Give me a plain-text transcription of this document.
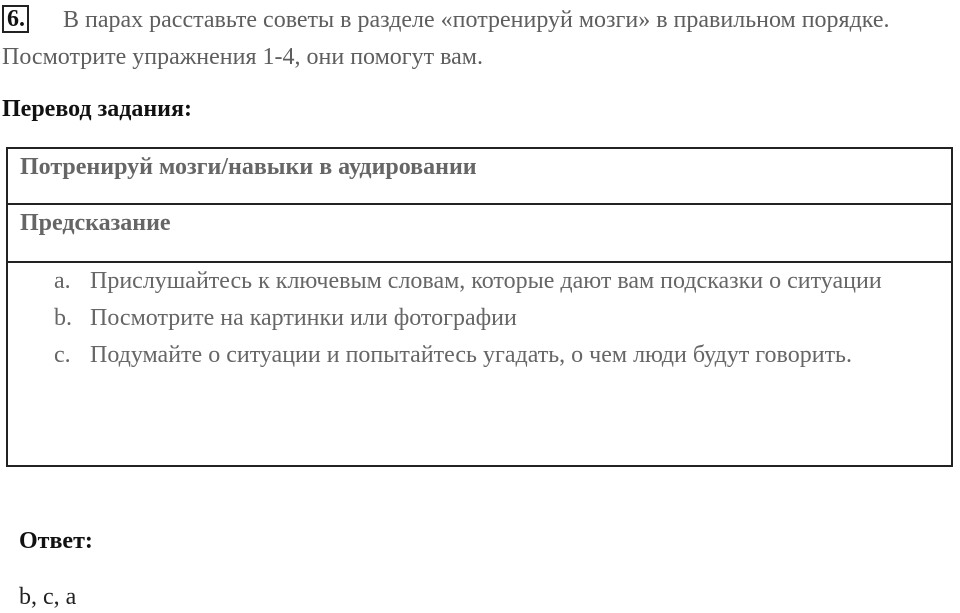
6. В парах расставьте советы в разделе «потренируй мозги» в правильном порядке. Посмотрите упражнения 1-4, они помогут вам.
Перевод задания:
Потренируй мозги/навыки в аудировании
Предсказание
a. Прислушайтесь к ключевым словам, которые дают вам подсказки о ситуации
b. Посмотрите на картинки или фотографии
c. Подумайте о ситуации и попытайтесь угадать, о чем люди будут говорить.
Ответ:
b, c, a
